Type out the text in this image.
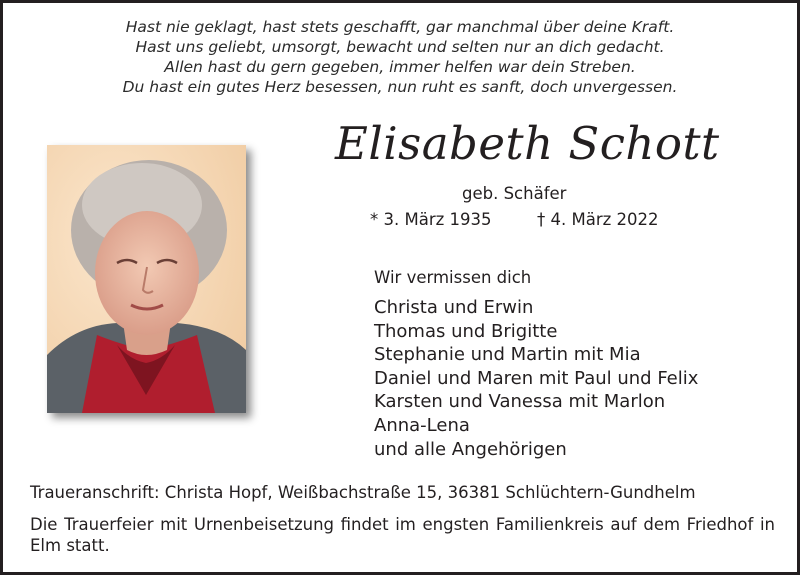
Hast nie geklagt, hast stets geschafft, gar manchmal über deine Kraft.
Hast uns geliebt, umsorgt, bewacht und selten nur an dich gedacht.
Allen hast du gern gegeben, immer helfen war dein Streben.
Du hast ein gutes Herz besessen, nun ruht es sanft, doch unvergessen.
Elisabeth Schott
geb. Schäfer
* 3. März 1935	† 4. März 2022
Wir vermissen dich
Christa und Erwin
Thomas und Brigitte
Stephanie und Martin mit Mia
Daniel und Maren mit Paul und Felix
Karsten und Vanessa mit Marlon
Anna-Lena
und alle Angehörigen
Traueranschrift: Christa Hopf, Weißbachstraße 15, 36381 Schlüchtern-Gundhelm
Die Trauerfeier mit Urnenbeisetzung findet im engsten Familienkreis auf dem Friedhof in Elm statt.
